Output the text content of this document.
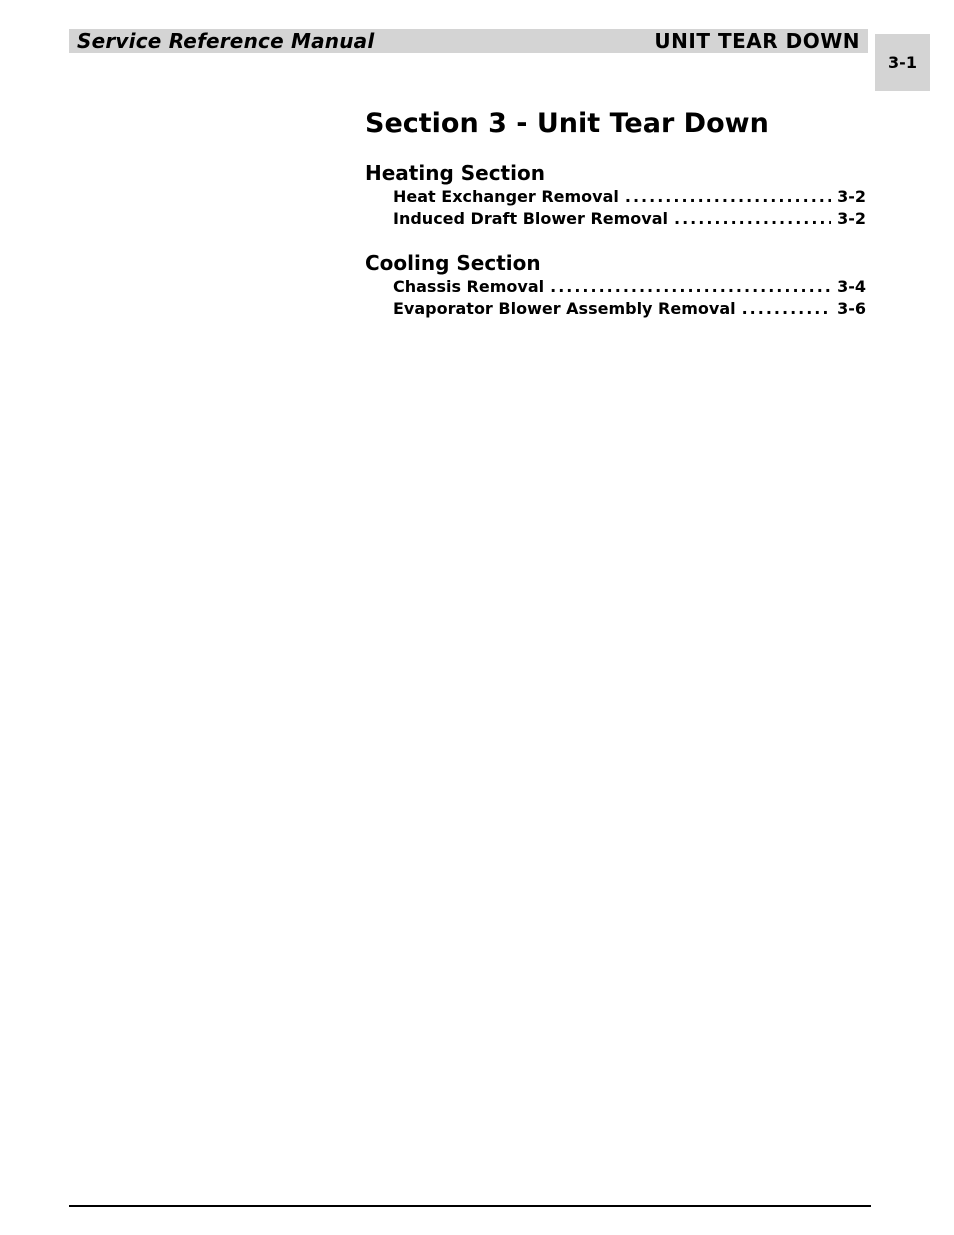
Service Reference Manual	UNIT TEAR DOWN
3-1
Section 3 - Unit Tear Down
Heating Section
Heat Exchanger Removal .....	3-2
Induced Draft Blower Removal .....	3-2
Cooling Section
Chassis Removal .....	3-4
Evaporator Blower Assembly Removal .....	3-6
